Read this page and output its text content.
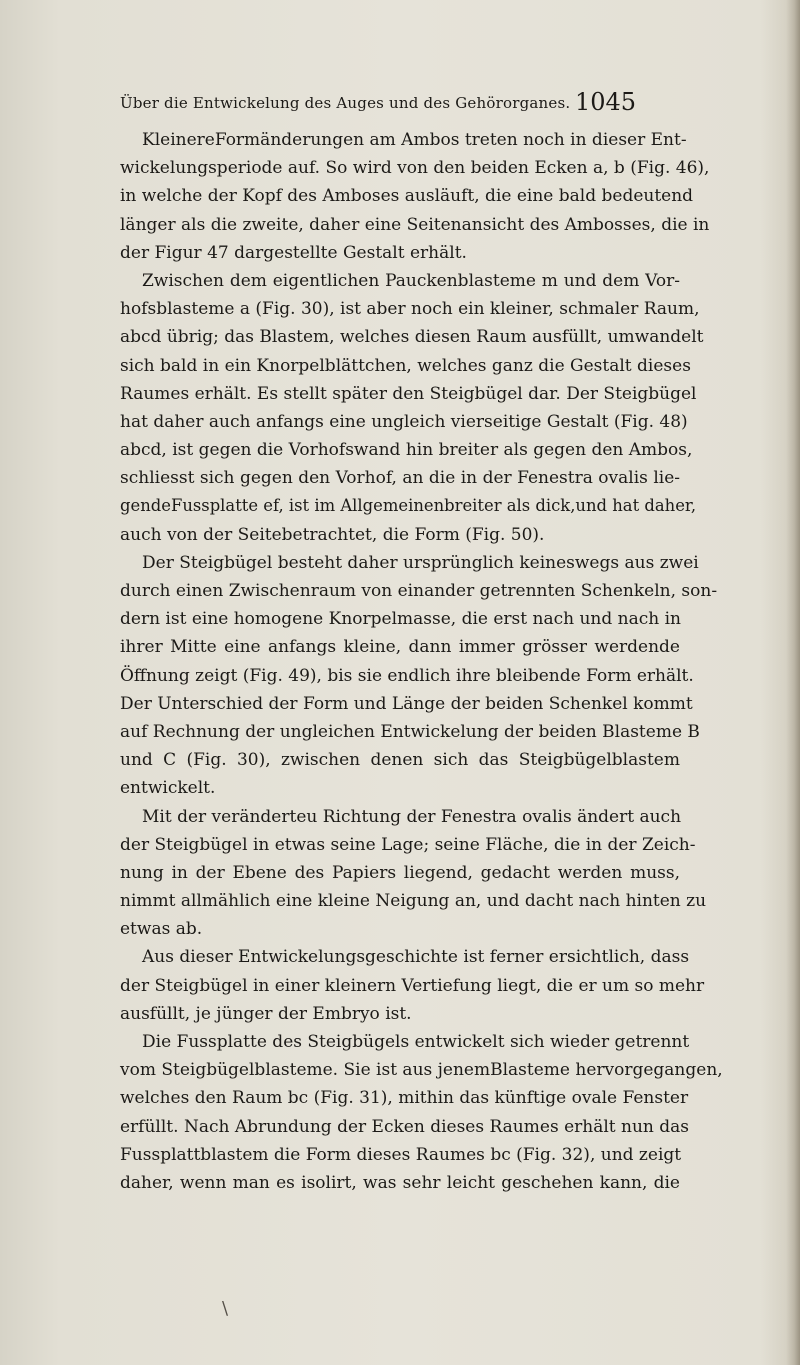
Über die Entwickelung des Auges und des Gehörorganes. 1045
KleinereFormänderungen am Ambos treten noch in dieser Ent-
wickelungsperiode auf. So wird von den beiden Ecken a, b (Fig. 46),
in welche der Kopf des Amboses ausläuft, die eine bald bedeutend
länger als die zweite, daher eine Seitenansicht des Ambosses, die in
der Figur 47 dargestellte Gestalt erhält.
Zwischen dem eigentlichen Pauckenblasteme m und dem Vor-
hofsblasteme a (Fig. 30), ist aber noch ein kleiner, schmaler Raum,
abcd übrig; das Blastem, welches diesen Raum ausfüllt, umwandelt
sich bald in ein Knorpelblättchen, welches ganz die Gestalt dieses
Raumes erhält. Es stellt später den Steigbügel dar. Der Steigbügel
hat daher auch anfangs eine ungleich vierseitige Gestalt (Fig. 48)
abcd, ist gegen die Vorhofswand hin breiter als gegen den Ambos,
schliesst sich gegen den Vorhof, an die in der Fenestra ovalis lie-
gendeFussplatte ef, ist im Allgemeinenbreiter als dick,und hat daher,
auch von der Seitebetrachtet, die Form (Fig. 50).
Der Steigbügel besteht daher ursprünglich keineswegs aus zwei
durch einen Zwischenraum von einander getrennten Schenkeln, son-
dern ist eine homogene Knorpelmasse, die erst nach und nach in
ihrer Mitte eine anfangs kleine, dann immer grösser werdende
Öffnung zeigt (Fig. 49), bis sie endlich ihre bleibende Form erhält.
Der Unterschied der Form und Länge der beiden Schenkel kommt
auf Rechnung der ungleichen Entwickelung der beiden Blasteme B
und C (Fig. 30), zwischen denen sich das Steigbügelblastem
entwickelt.
Mit der veränderteu Richtung der Fenestra ovalis ändert auch
der Steigbügel in etwas seine Lage; seine Fläche, die in der Zeich-
nung in der Ebene des Papiers liegend, gedacht werden muss,
nimmt allmählich eine kleine Neigung an, und dacht nach hinten zu
etwas ab.
Aus dieser Entwickelungsgeschichte ist ferner ersichtlich, dass
der Steigbügel in einer kleinern Vertiefung liegt, die er um so mehr
ausfüllt, je jünger der Embryo ist.
Die Fussplatte des Steigbügels entwickelt sich wieder getrennt
vom Steigbügelblasteme. Sie ist aus jenemBlasteme hervorgegangen,
welches den Raum bc (Fig. 31), mithin das künftige ovale Fenster
erfüllt. Nach Abrundung der Ecken dieses Raumes erhält nun das
Fussplattblastem die Form dieses Raumes bc (Fig. 32), und zeigt
daher, wenn man es isolirt, was sehr leicht geschehen kann, die
\
